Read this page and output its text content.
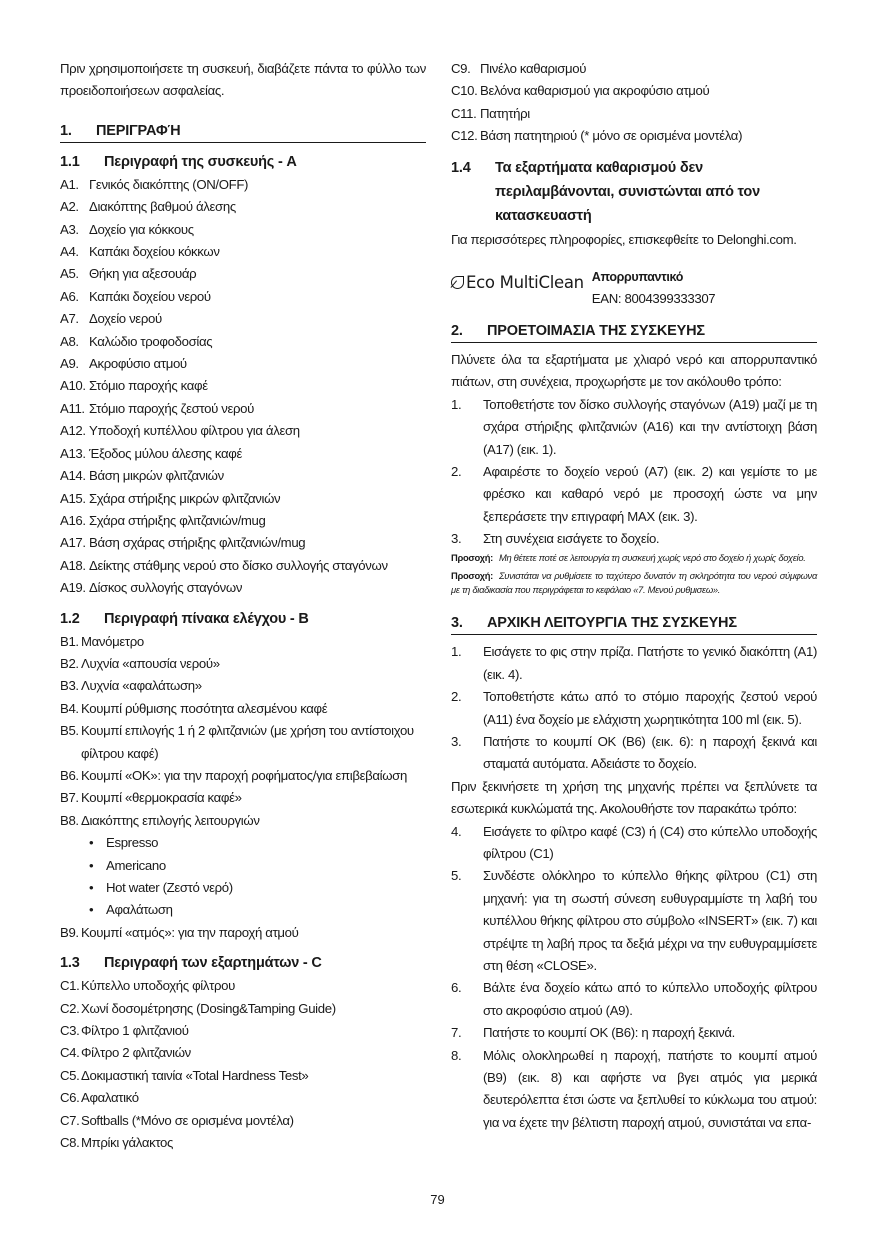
Πριν χρησιμοποιήσετε τη συσκευή, διαβάζετε πάντα το φύλλο των προειδοποιήσεων ασφαλείας.
1.	ΠΕΡΙΓΡΑΦΉ
1.1	Περιγραφή της συσκευής - A
A1. Γενικός διακόπτης (ON/OFF)
A2. Διακόπτης βαθμού άλεσης
A3. Δοχείο για κόκκους
A4. Καπάκι δοχείου κόκκων
A5. Θήκη για αξεσουάρ
A6. Καπάκι δοχείου νερού
A7. Δοχείο νερού
A8. Καλώδιο τροφοδοσίας
A9. Ακροφύσιο ατμού
A10. Στόμιο παροχής καφέ
A11. Στόμιο παροχής ζεστού νερού
A12. Υποδοχή κυπέλλου φίλτρου για άλεση
A13. Έξοδος μύλου άλεσης καφέ
A14. Βάση μικρών φλιτζανιών
A15. Σχάρα στήριξης μικρών φλιτζανιών
A16. Σχάρα στήριξης φλιτζανιών/mug
A17. Βάση σχάρας στήριξης φλιτζανιών/mug
A18. Δείκτης στάθμης νερού στο δίσκο συλλογής σταγόνων
A19. Δίσκος συλλογής σταγόνων
1.2	Περιγραφή πίνακα ελέγχου - B
B1. Μανόμετρο
B2. Λυχνία «απουσία νερού»
B3. Λυχνία «αφαλάτωση»
B4. Κουμπί ρύθμισης ποσότητα αλεσμένου καφέ
B5. Κουμπί επιλογής 1 ή 2 φλιτζανιών (με χρήση του αντίστοιχου φίλτρου καφέ)
B6. Κουμπί «OK»: για την παροχή ροφήματος/για επιβεβαίωση
B7. Κουμπί «θερμοκρασία καφέ»
B8. Διακόπτης επιλογής λειτουργιών
• Espresso
• Americano
• Hot water (Ζεστό νερό)
• Αφαλάτωση
B9. Κουμπί «ατμός»: για την παροχή ατμού
1.3	Περιγραφή των εξαρτημάτων - C
C1. Κύπελλο υποδοχής φίλτρου
C2. Χωνί δοσομέτρησης (Dosing&Tamping Guide)
C3. Φίλτρο 1 φλιτζανιού
C4. Φίλτρο 2 φλιτζανιών
C5. Δοκιμαστική ταινία «Total Hardness Test»
C6. Αφαλατικό
C7. Softballs (*Μόνο σε ορισμένα μοντέλα)
C8. Μπρίκι γάλακτος
C9. Πινέλο καθαρισμού
C10. Βελόνα καθαρισμού για ακροφύσιο ατμού
C11. Πατητήρι
C12. Βάση πατητηριού (* μόνο σε ορισμένα μοντέλα)
1.4	Τα εξαρτήματα καθαρισμού δεν περιλαμβάνονται, συνιστώνται από τον κατασκευαστή
Για περισσότερες πληροφορίες, επισκεφθείτε το Delonghi.com.
Eco MultiClean Απορρυπαντικό
EAN: 8004399333307
2.	ΠΡΟΕΤΟΙΜΑΣΙΑ ΤΗΣ ΣΥΣΚΕΥΗΣ
Πλύνετε όλα τα εξαρτήματα με χλιαρό νερό και απορρυπαντικό πιάτων, στη συνέχεια, προχωρήστε με τον ακόλουθο τρόπο:
1.	Τοποθετήστε τον δίσκο συλλογής σταγόνων (A19) μαζί με τη σχάρα στήριξης φλιτζανιών (A16) και την αντίστοιχη βάση (A17) (εικ. 1).
2.	Αφαιρέστε το δοχείο νερού (A7) (εικ. 2) και γεμίστε το με φρέσκο και καθαρό νερό με προσοχή ώστε να μην ξεπεράσετε την επιγραφή MAX (εικ. 3).
3.	Στη συνέχεια εισάγετε το δοχείο.
Προσοχή: Μη θέτετε ποτέ σε λειτουργία τη συσκευή χωρίς νερό στο δοχείο ή χωρίς δοχείο.
Προσοχή: Συνιστάται να ρυθμίσετε το ταχύτερο δυνατόν τη σκληρότητα του νερού σύμφωνα με τη διαδικασία που περιγράφεται το κεφάλαιο «7. Μενού ρυθμισεω».
3.	ΑΡΧΙΚΗ ΛΕΙΤΟΥΡΓΙΑ ΤΗΣ ΣΥΣΚΕΥΗΣ
1.	Εισάγετε το φις στην πρίζα. Πατήστε το γενικό διακόπτη (A1) (εικ. 4).
2.	Τοποθετήστε κάτω από το στόμιο παροχής ζεστού νερού (A11) ένα δοχείο με ελάχιστη χωρητικότητα 100 ml (εικ. 5).
3.	Πατήστε το κουμπί OK (B6) (εικ. 6): η παροχή ξεκινά και σταματά αυτόματα. Αδειάστε το δοχείο.
Πριν ξεκινήσετε τη χρήση της μηχανής πρέπει να ξεπλύνετε τα εσωτερικά κυκλώματά της. Ακολουθήστε τον παρακάτω τρόπο:
4.	Εισάγετε το φίλτρο καφέ (C3) ή (C4) στο κύπελλο υποδοχής φίλτρου (C1)
5.	Συνδέστε ολόκληρο το κύπελλο θήκης φίλτρου (C1) στη μηχανή: για τη σωστή σύνεση ευθυγραμμίστε τη λαβή του κυπέλλου θήκης φίλτρου στο σύμβολο «INSERT» (εικ. 7) και στρέψτε τη λαβή προς τα δεξιά μέχρι να την ευθυγραμμίσετε στη θέση «CLOSE».
6.	Βάλτε ένα δοχείο κάτω από το κύπελλο υποδοχής φίλτρου στο ακροφύσιο ατμού (A9).
7.	Πατήστε το κουμπί OK (B6): η παροχή ξεκινά.
8.	Μόλις ολοκληρωθεί η παροχή, πατήστε το κουμπί ατμού (B9) (εικ. 8) και αφήστε να βγει ατμός για μερικά δευτερόλεπτα έτσι ώστε να ξεπλυθεί το κύκλωμα του ατμού: για να έχετε την βέλτιστη παροχή ατμού, συνιστάται να επα-
79
